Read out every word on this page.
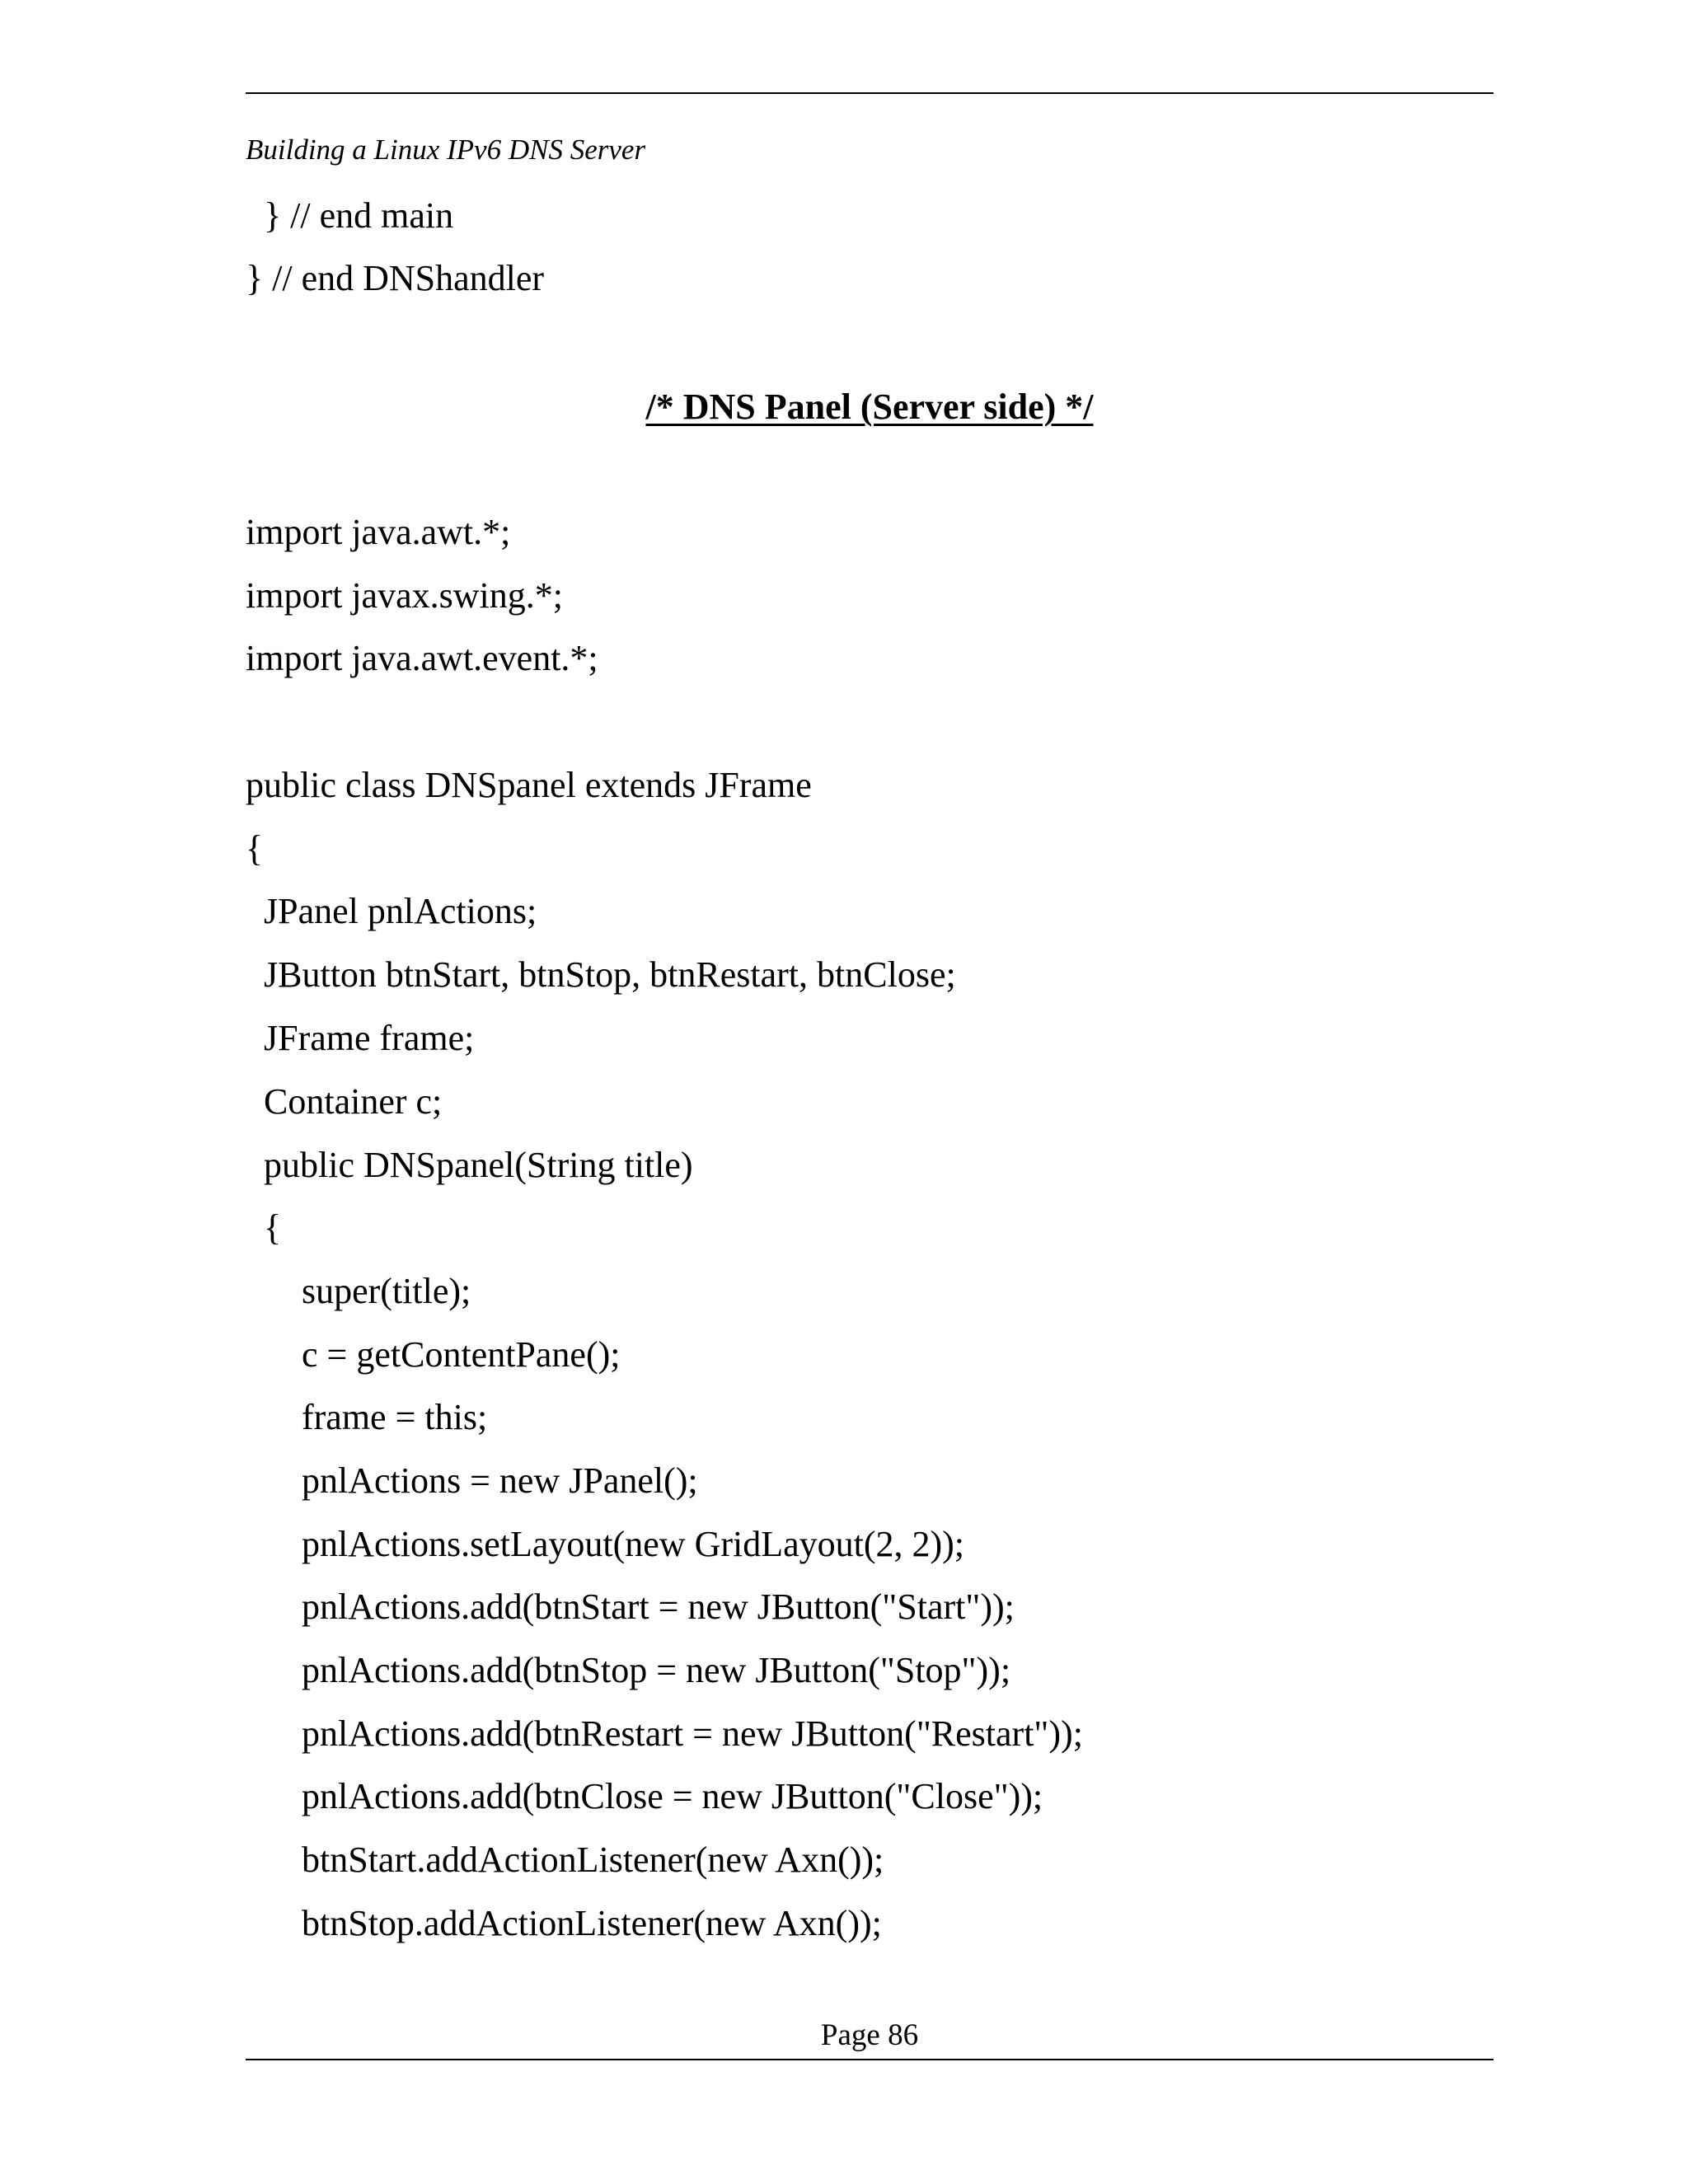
Building a Linux IPv6 DNS Server
} // end main
} // end DNShandler
/* DNS Panel (Server side) */
import java.awt.*;
import javax.swing.*;
import java.awt.event.*;
public class DNSpanel extends JFrame
{
JPanel pnlActions;
JButton btnStart, btnStop, btnRestart, btnClose;
JFrame frame;
Container c;
public DNSpanel(String title)
{
super(title);
c = getContentPane();
frame = this;
pnlActions = new JPanel();
pnlActions.setLayout(new GridLayout(2, 2));
pnlActions.add(btnStart = new JButton("Start"));
pnlActions.add(btnStop = new JButton("Stop"));
pnlActions.add(btnRestart = new JButton("Restart"));
pnlActions.add(btnClose = new JButton("Close"));
btnStart.addActionListener(new Axn());
btnStop.addActionListener(new Axn());
Page 86
